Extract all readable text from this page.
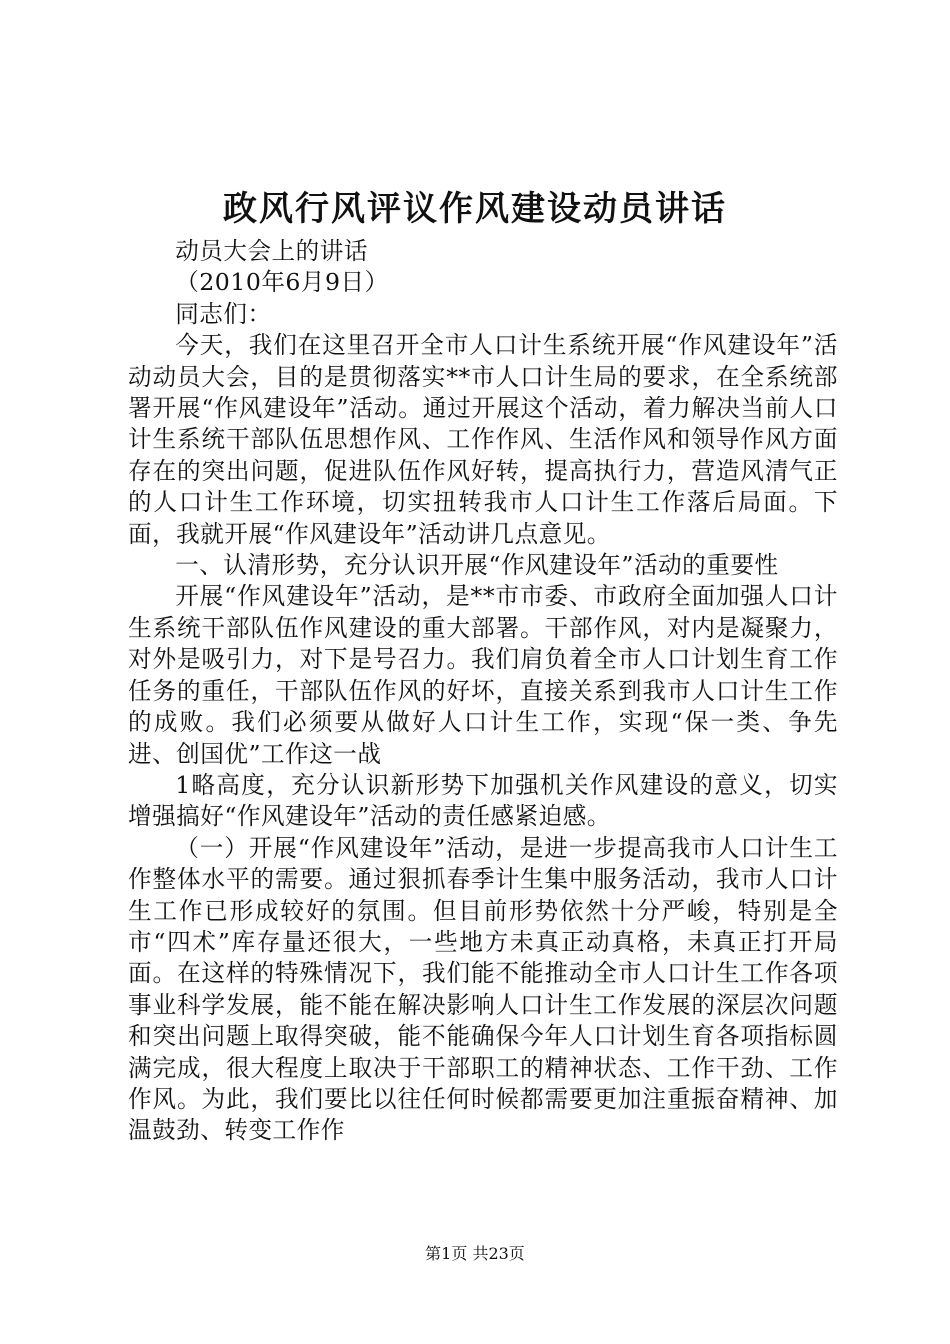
政风行风评议作风建设动员讲话

动员大会上的讲话

（2010年6月9日）

同志们：

今天，我们在这里召开全市人口计生系统开展“作风建设年”活动动员大会，目的是贯彻落实**市人口计生局的要求，在全系统部署开展“作风建设年”活动。通过开展这个活动，着力解决当前人口计生系统干部队伍思想作风、工作作风、生活作风和领导作风方面存在的突出问题，促进队伍作风好转，提高执行力，营造风清气正的人口计生工作环境，切实扭转我市人口计生工作落后局面。下面，我就开展“作风建设年”活动讲几点意见。

一、认清形势，充分认识开展“作风建设年”活动的重要性

开展“作风建设年”活动，是**市市委、市政府全面加强人口计生系统干部队伍作风建设的重大部署。干部作风，对内是凝聚力，对外是吸引力，对下是号召力。我们肩负着全市人口计划生育工作任务的重任，干部队伍作风的好坏，直接关系到我市人口计生工作的成败。我们必须要从做好人口计生工作，实现“保一类、争先进、创国优”工作这一战

1略高度，充分认识新形势下加强机关作风建设的意义，切实增强搞好“作风建设年”活动的责任感紧迫感。

（一）开展“作风建设年”活动，是进一步提高我市人口计生工作整体水平的需要。通过狠抓春季计生集中服务活动，我市人口计生工作已形成较好的氛围。但目前形势依然十分严峻，特别是全市“四术”库存量还很大，一些地方未真正动真格，未真正打开局面。在这样的特殊情况下，我们能不能推动全市人口计生工作各项事业科学发展，能不能在解决影响人口计生工作发展的深层次问题和突出问题上取得突破，能不能确保今年人口计划生育各项指标圆满完成，很大程度上取决于干部职工的精神状态、工作干劲、工作作风。为此，我们要比以往任何时候都需要更加注重振奋精神、加温鼓劲、转变工作作

第1页 共23页
